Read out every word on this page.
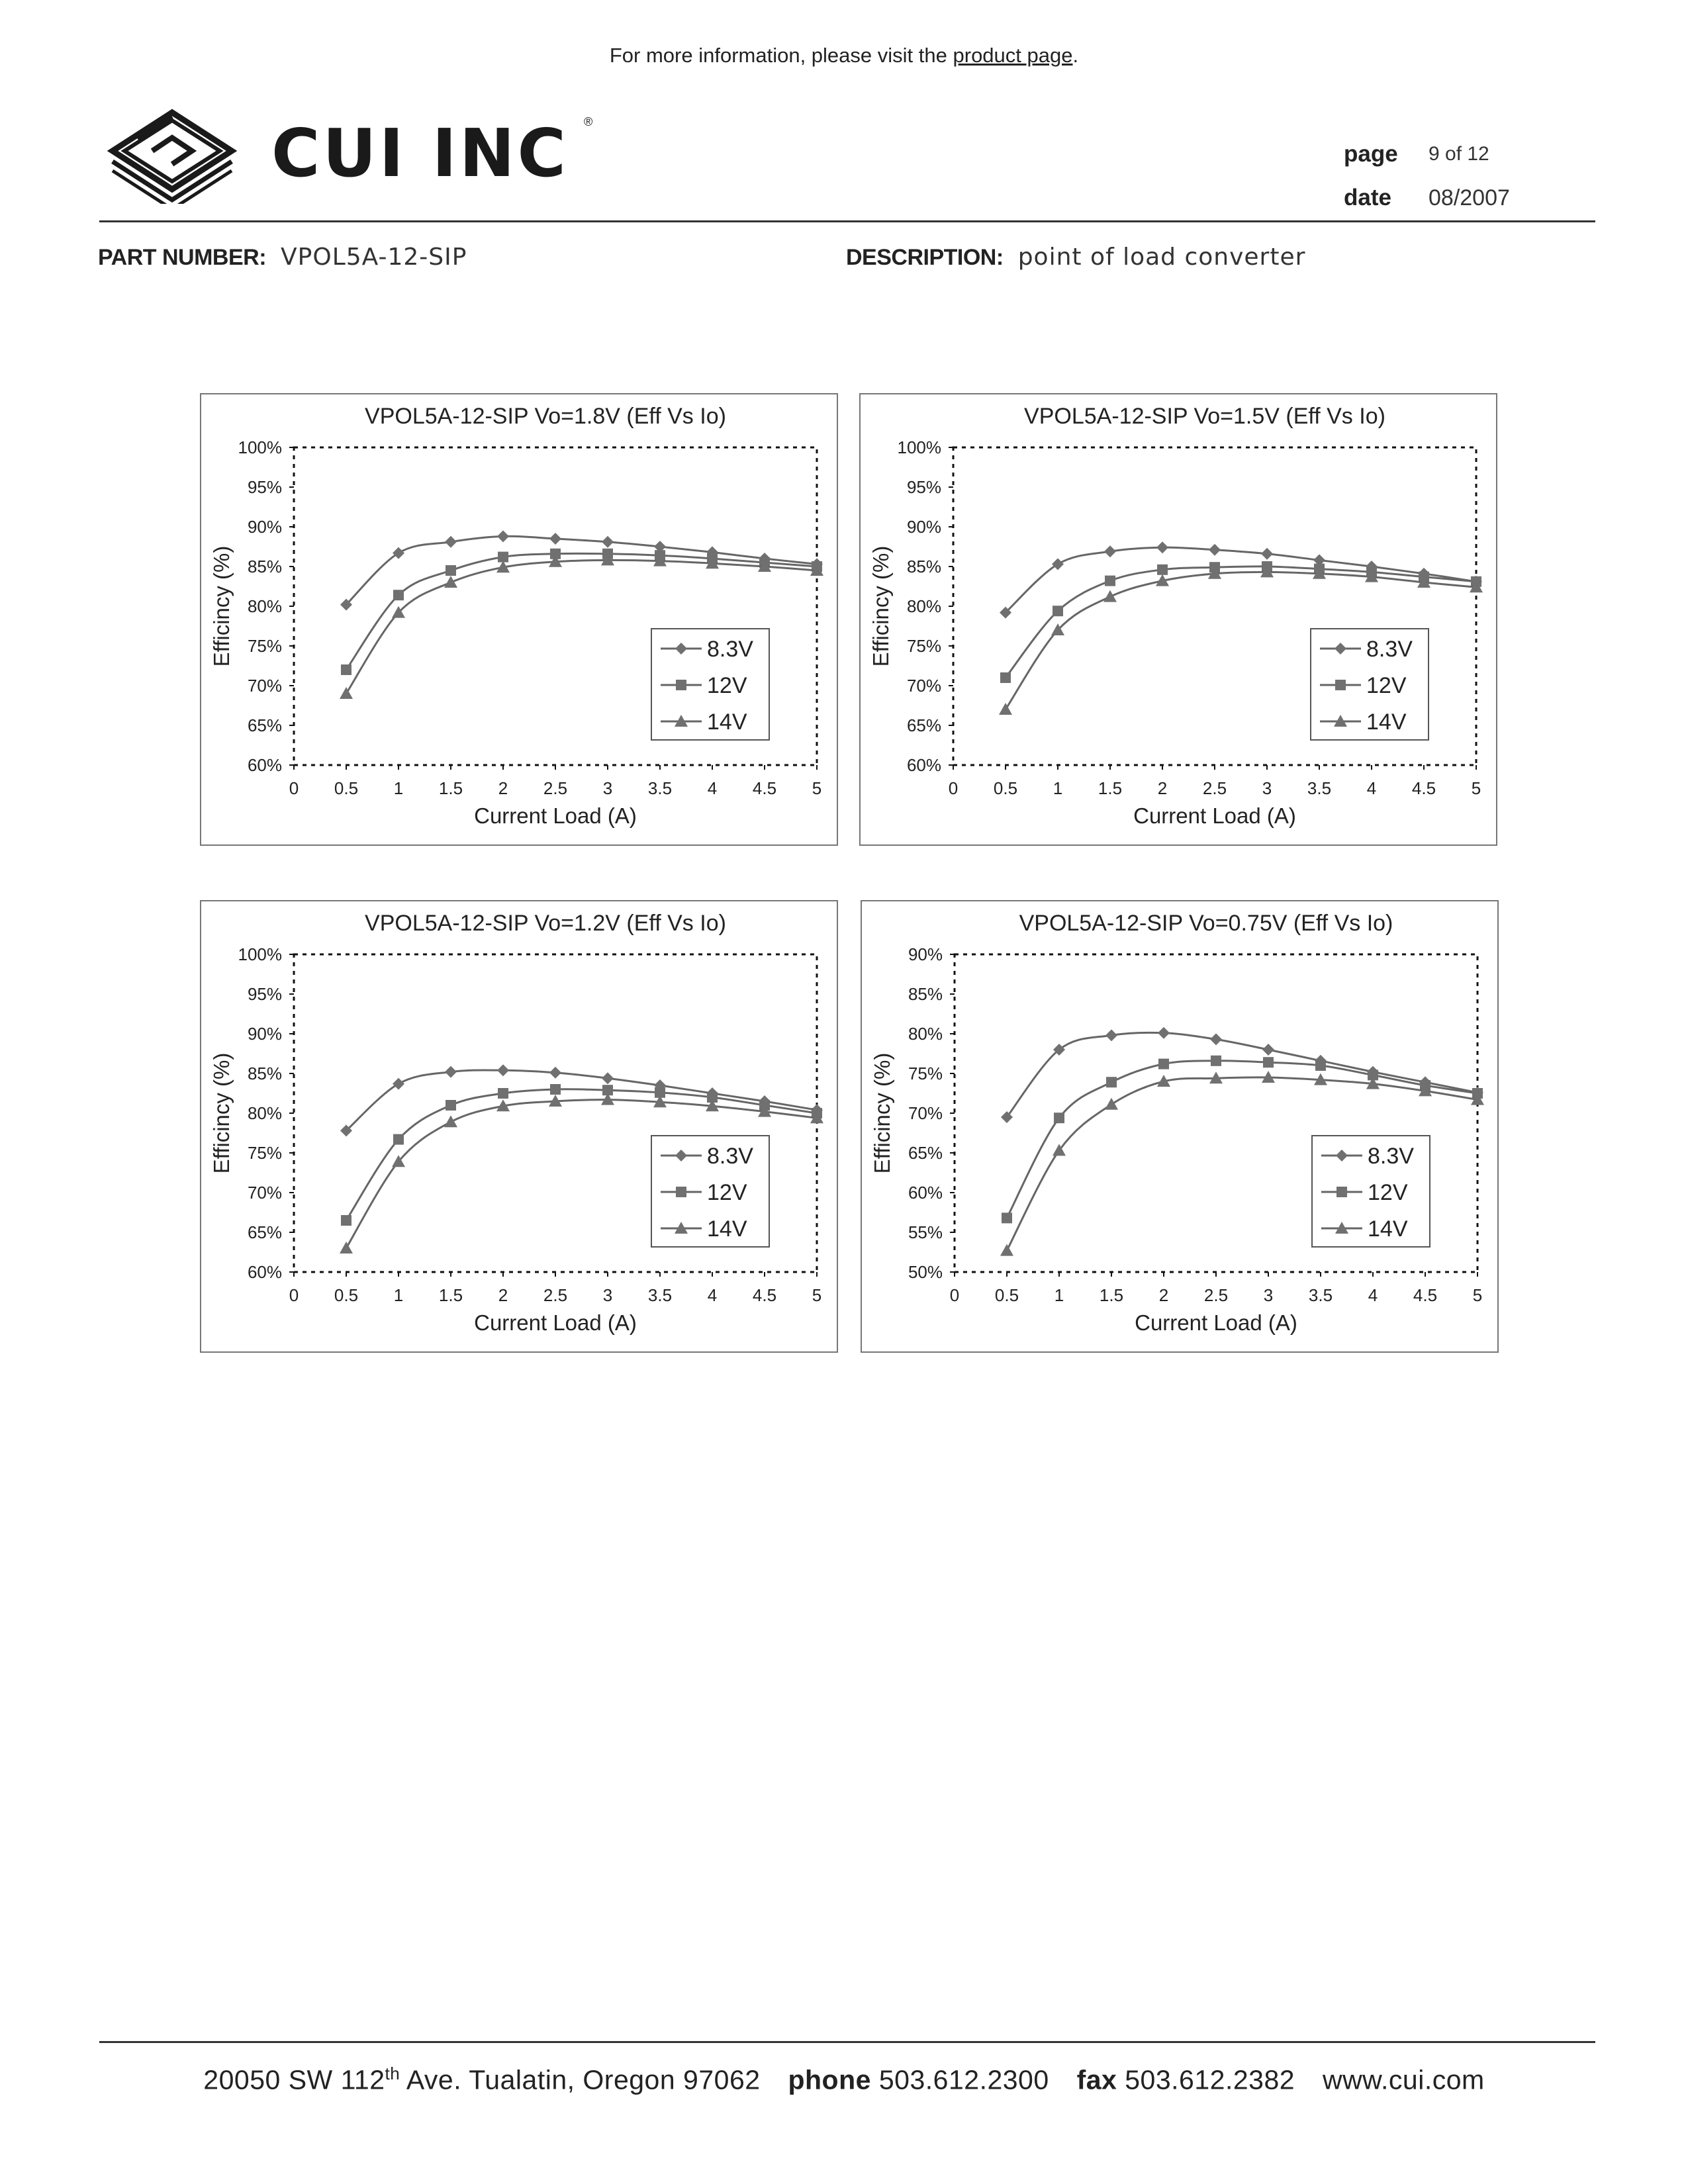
For more information, please visit the product page.
CUI INC ®
page	9 of 12
date	08/2007
PART NUMBER: VPOL5A-12-SIP	DESCRIPTION: point of load converter
VPOL5A-12-SIP Vo=1.8V (Eff Vs Io)
60%
65%
70%
75%
80%
85%
90%
95%
100%
0 0.5 1 1.5 2 2.5 3 3.5 4 4.5 5
Current Load (A)
Efficincy (%)	8.3V
12V
14V
VPOL5A-12-SIP Vo=1.5V (Eff Vs Io)
60%
65%
70%
75%
80%
85%
90%
95%
100%
0 0.5 1 1.5 2 2.5 3 3.5 4 4.5 5
Current Load (A)
Efficincy (%)	8.3V
12V
14V
VPOL5A-12-SIP Vo=1.2V (Eff Vs Io)
60%
65%
70%
75%
80%
85%
90%
95%
100%
0 0.5 1 1.5 2 2.5 3 3.5 4 4.5 5
Current Load (A)
Efficincy (%)	8.3V
12V
14V
VPOL5A-12-SIP Vo=0.75V (Eff Vs Io)
50%
55%
60%
65%
70%
75%
80%
85%
90%
0 0.5 1 1.5 2 2.5 3 3.5 4 4.5 5
Current Load (A)
Efficincy (%)	8.3V
12V
14V
20050 SW 112th Ave. Tualatin, Oregon 97062 phone 503.612.2300 fax 503.612.2382 www.cui.com
